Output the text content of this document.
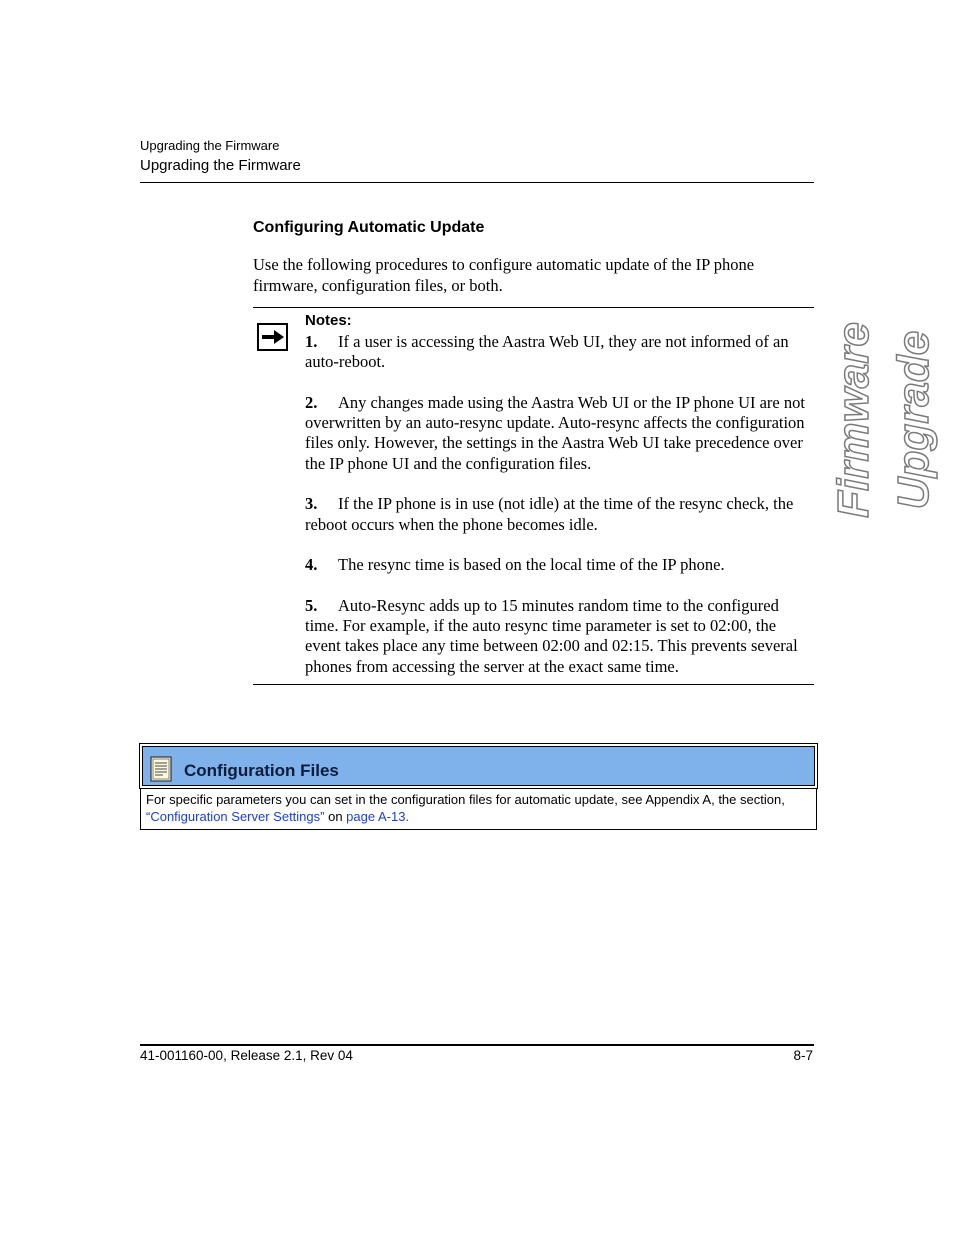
Upgrading the Firmware
Upgrading the Firmware
Firmware Upgrade
Configuring Automatic Update
Use the following procedures to configure automatic update of the IP phone firmware, configuration files, or both.
Notes:
1. If a user is accessing the Aastra Web UI, they are not informed of an auto-reboot.
2. Any changes made using the Aastra Web UI or the IP phone UI are not overwritten by an auto-resync update. Auto-resync affects the configuration files only. However, the settings in the Aastra Web UI take precedence over the IP phone UI and the configuration files.
3. If the IP phone is in use (not idle) at the time of the resync check, the reboot occurs when the phone becomes idle.
4. The resync time is based on the local time of the IP phone.
5. Auto-Resync adds up to 15 minutes random time to the configured time. For example, if the auto resync time parameter is set to 02:00, the event takes place any time between 02:00 and 02:15. This prevents several phones from accessing the server at the exact same time.
Configuration Files
For specific parameters you can set in the configuration files for automatic update, see Appendix A, the section, “Configuration Server Settings” on page A-13.
41-001160-00, Release 2.1, Rev 04	8-7
